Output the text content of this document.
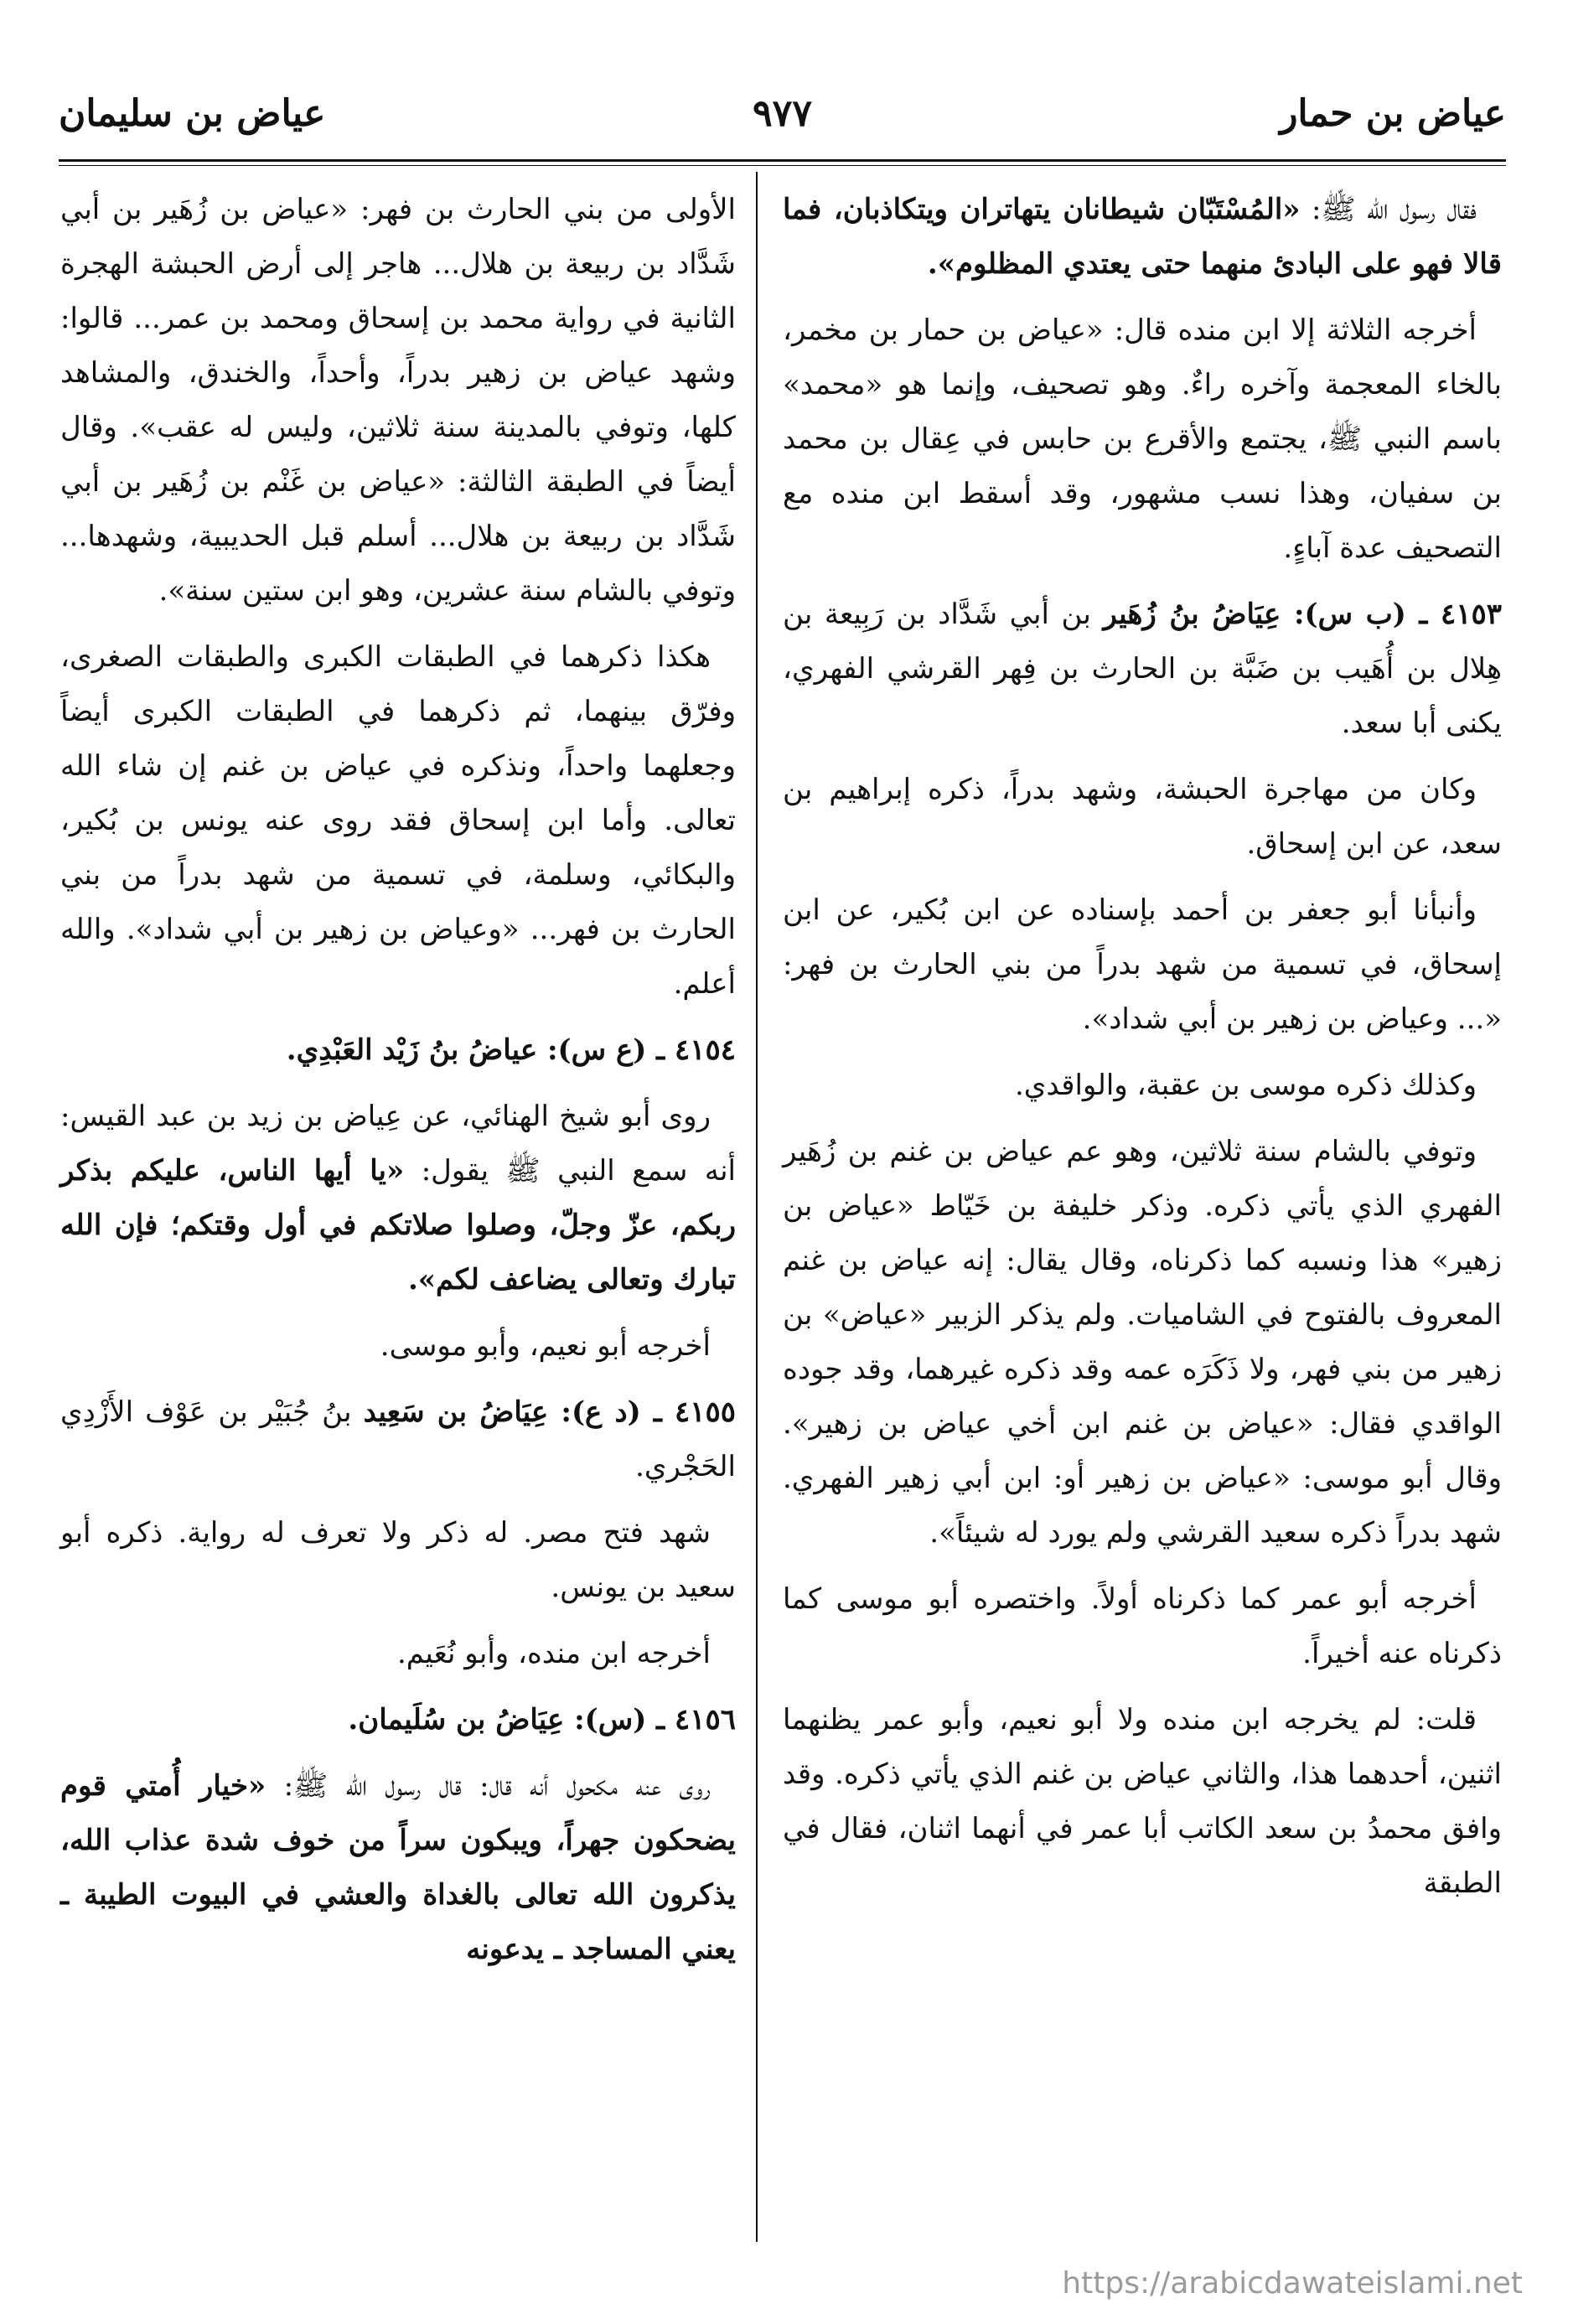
عياض بن حمار
٩٧٧
عياض بن سليمان

فقال رسول الله ﷺ: «المُسْتَبّان شيطانان يتهاتران ويتكاذبان، فما قالا فهو على البادئ منهما حتى يعتدي المظلوم».

أخرجه الثلاثة إلا ابن منده قال: «عياض بن حمار بن مخمر، بالخاء المعجمة وآخره راءٌ. وهو تصحيف، وإنما هو «محمد» باسم النبي ﷺ، يجتمع والأقرع بن حابس في عِقال بن محمد بن سفيان، وهذا نسب مشهور، وقد أسقط ابن منده مع التصحيف عدة آباءٍ.

٤١٥٣ ـ (ب س): عِيَاضُ بنُ زُهَير بن أبي شَدَّاد بن رَبِيعة بن هِلال بن أُهَيب بن ضَبَّة بن الحارث بن فِهر القرشي الفهري، يكنى أبا سعد.

وكان من مهاجرة الحبشة، وشهد بدراً، ذكره إبراهيم بن سعد، عن ابن إسحاق.

وأنبأنا أبو جعفر بن أحمد بإسناده عن ابن بُكير، عن ابن إسحاق، في تسمية من شهد بدراً من بني الحارث بن فهر: «... وعياض بن زهير بن أبي شداد».

وكذلك ذكره موسى بن عقبة، والواقدي.

وتوفي بالشام سنة ثلاثين، وهو عم عياض بن غنم بن زُهَير الفهري الذي يأتي ذكره. وذكر خليفة بن خَيّاط «عياض بن زهير» هذا ونسبه كما ذكرناه، وقال يقال: إنه عياض بن غنم المعروف بالفتوح في الشاميات. ولم يذكر الزبير «عياض» بن زهير من بني فهر، ولا ذَكَرَه عمه وقد ذكره غيرهما، وقد جوده الواقدي فقال: «عياض بن غنم ابن أخي عياض بن زهير». وقال أبو موسى: «عياض بن زهير أو: ابن أبي زهير الفهري. شهد بدراً ذكره سعيد القرشي ولم يورد له شيئاً».

أخرجه أبو عمر كما ذكرناه أولاً. واختصره أبو موسى كما ذكرناه عنه أخيراً.

قلت: لم يخرجه ابن منده ولا أبو نعيم، وأبو عمر يظنهما اثنين، أحدهما هذا، والثاني عياض بن غنم الذي يأتي ذكره. وقد وافق محمدُ بن سعد الكاتب أبا عمر في أنهما اثنان، فقال في الطبقة

الأولى من بني الحارث بن فهر: «عياض بن زُهَير بن أبي شَدَّاد بن ربيعة بن هلال... هاجر إلى أرض الحبشة الهجرة الثانية في رواية محمد بن إسحاق ومحمد بن عمر... قالوا: وشهد عياض بن زهير بدراً، وأحداً، والخندق، والمشاهد كلها، وتوفي بالمدينة سنة ثلاثين، وليس له عقب». وقال أيضاً في الطبقة الثالثة: «عياض بن غَنْم بن زُهَير بن أبي شَدَّاد بن ربيعة بن هلال... أسلم قبل الحديبية، وشهدها... وتوفي بالشام سنة عشرين، وهو ابن ستين سنة».

هكذا ذكرهما في الطبقات الكبرى والطبقات الصغرى، وفرّق بينهما، ثم ذكرهما في الطبقات الكبرى أيضاً وجعلهما واحداً، ونذكره في عياض بن غنم إن شاء الله تعالى. وأما ابن إسحاق فقد روى عنه يونس بن بُكير، والبكائي، وسلمة، في تسمية من شهد بدراً من بني الحارث بن فهر... «وعياض بن زهير بن أبي شداد». والله أعلم.

٤١٥٤ ـ (ع س): عياضُ بنُ زَيْد العَبْدِي.

روى أبو شيخ الهنائي، عن عِياض بن زيد بن عبد القيس: أنه سمع النبي ﷺ يقول: «يا أيها الناس، عليكم بذكر ربكم، عزّ وجلّ، وصلوا صلاتكم في أول وقتكم؛ فإن الله تبارك وتعالى يضاعف لكم».

أخرجه أبو نعيم، وأبو موسى.

٤١٥٥ ـ (د ع): عِيَاضُ بن سَعِيد بنُ جُبَيْر بن عَوْف الأَزْدِي الحَجْري.

شهد فتح مصر. له ذكر ولا تعرف له رواية. ذكره أبو سعيد بن يونس.

أخرجه ابن منده، وأبو نُعَيم.

٤١٥٦ ـ (س): عِيَاضُ بن سُلَيمان.

روى عنه مكحول أنه قال: قال رسول الله ﷺ: «خيار أُمتي قوم يضحكون جهراً، ويبكون سراً من خوف شدة عذاب الله، يذكرون الله تعالى بالغداة والعشي في البيوت الطيبة ـ يعني المساجد ـ يدعونه

https://arabicdawateislami.net
